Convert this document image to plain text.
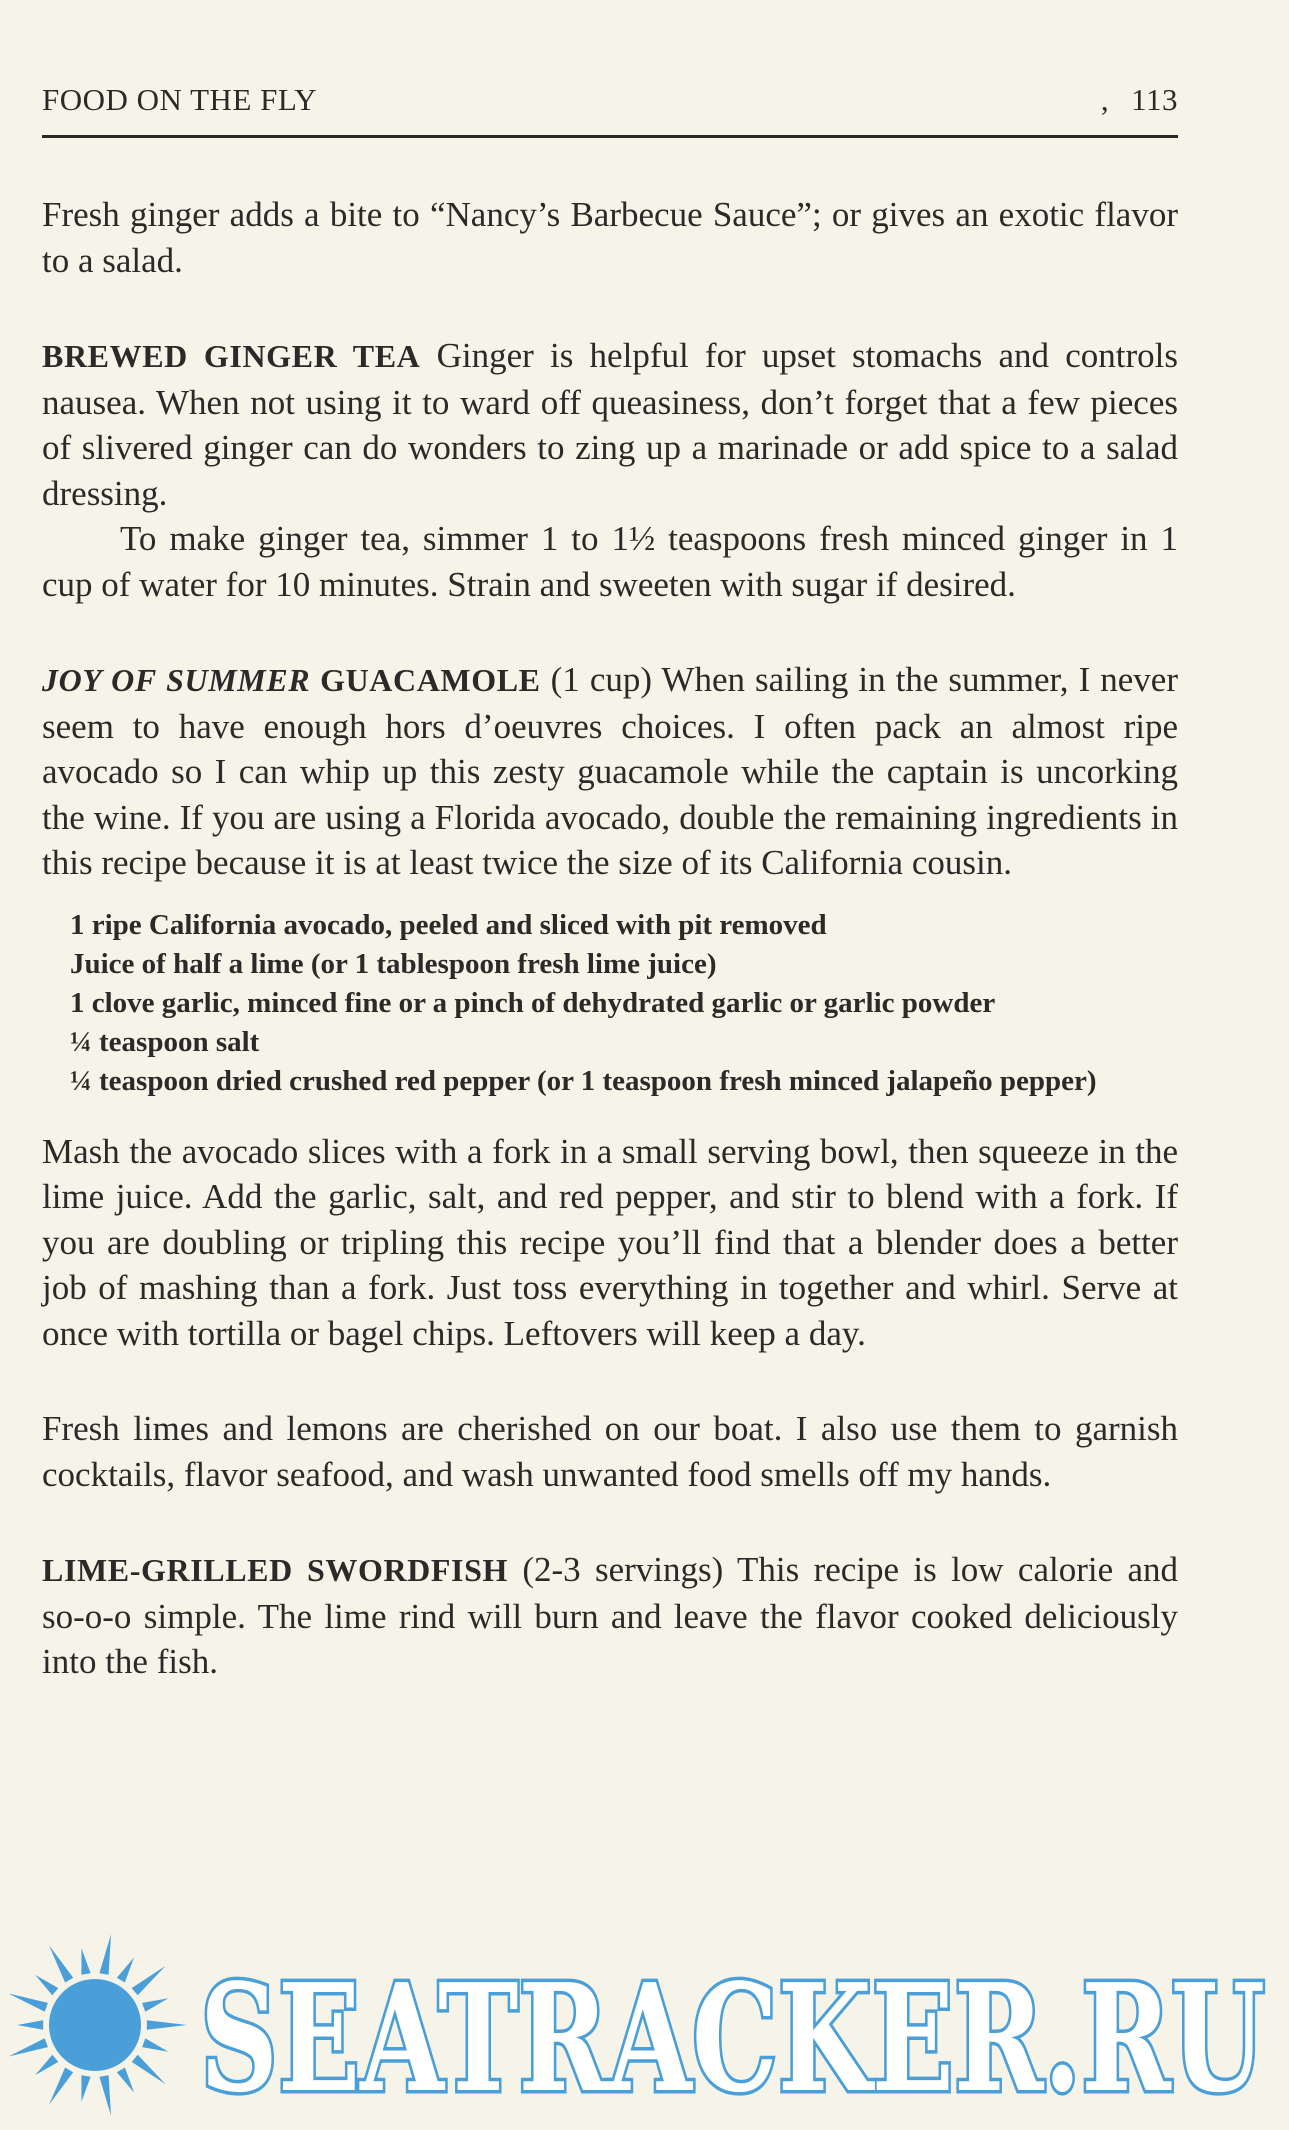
FOOD ON THE FLY	, 113

Fresh ginger adds a bite to “Nancy’s Barbecue Sauce”; or gives an exotic flavor to a salad.

BREWED GINGER TEA Ginger is helpful for upset stomachs and controls nausea. When not using it to ward off queasiness, don’t forget that a few pieces of slivered ginger can do wonders to zing up a marinade or add spice to a salad dressing.

To make ginger tea, simmer 1 to 1½ teaspoons fresh minced ginger in 1 cup of water for 10 minutes. Strain and sweeten with sugar if desired.

JOY OF SUMMER GUACAMOLE (1 cup) When sailing in the summer, I never seem to have enough hors d’oeuvres choices. I often pack an almost ripe avocado so I can whip up this zesty guacamole while the captain is uncorking the wine. If you are using a Florida avocado, double the remaining ingredients in this recipe because it is at least twice the size of its California cousin.

1 ripe California avocado, peeled and sliced with pit removed
Juice of half a lime (or 1 tablespoon fresh lime juice)
1 clove garlic, minced fine or a pinch of dehydrated garlic or garlic powder
¼ teaspoon salt
¼ teaspoon dried crushed red pepper (or 1 teaspoon fresh minced jalapeño pepper)

Mash the avocado slices with a fork in a small serving bowl, then squeeze in the lime juice. Add the garlic, salt, and red pepper, and stir to blend with a fork. If you are doubling or tripling this recipe you’ll find that a blender does a better job of mashing than a fork. Just toss everything in together and whirl. Serve at once with tortilla or bagel chips. Leftovers will keep a day.

Fresh limes and lemons are cherished on our boat. I also use them to garnish cocktails, flavor seafood, and wash unwanted food smells off my hands.

LIME-GRILLED SWORDFISH (2-3 servings) This recipe is low calorie and so-o-o simple. The lime rind will burn and leave the flavor cooked deliciously into the fish.

SEATRACKER.RU
